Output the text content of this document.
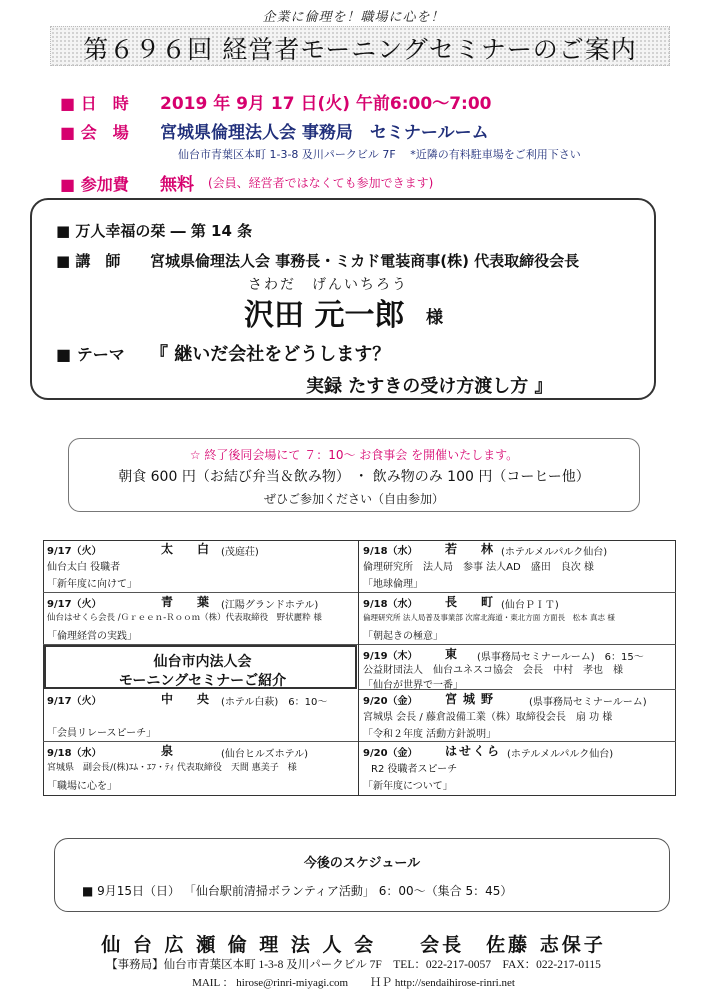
企業に倫理を！職場に心を！
第６９６回 経営者モーニングセミナーのご案内
■ 日　時 2019 年 9月 17 日(火) 午前6:00〜7:00
■ 会　場 宮城県倫理法人会 事務局　セミナールーム
仙台市青葉区本町 1-3-8 及川パークビル 7F　 *近隣の有料駐車場をご利用下さい
■ 参加費 無料 (会員、経営者ではなくても参加できます)
■ 万人幸福の栞 ― 第 14 条
■ 講　師 宮城県倫理法人会 事務長・ミカド電装商事(株) 代表取締役会長
さわだ　げんいちろう
沢田 元一郎 様
■ テーマ 『 継いだ会社をどうします？
実録 たすきの受け方渡し方 』
☆ 終了後同会場にて ７：10〜 お食事会 を開催いたします。
朝食 600 円（お結び弁当＆飲み物） ・ 飲み物のみ 100 円（コーヒー他）
ぜひご参加ください（自由参加）
9/17（火）	太　白 (茂庭荘)
仙台太白 役職者
「新年度に向けて」
9/17（火）	青　葉 (江陽グランドホテル)
仙台はせくら会長 /Ｇｒｅｅｎ-Ｒｏｏｍ（株）代表取締役　野状麗粋 様
「倫理経営の実践」
仙台市内法人会
モーニングセミナーご紹介
9/17（火）	中　央 (ホテル白萩)　6：10〜
「会員リレースピーチ」
9/18（水）	泉	(仙台ヒルズホテル)
宮城県　副会長/(株)ｴﾑ・ｴﾌ・ﾃｨ 代表取締役　天間 惠美子　様
「職場に心を」
9/18（水） 若　林 (ホテルメルパルク仙台)
倫理研究所　法人局　参事 法人AD　盛田　良次 様
「地球倫理」
9/18（水） 長　町 (仙台ＰＩＴ)
倫理研究所 法人局普及事業部 次席北海道・東北方面 方面長　松本 真志 様
「朝起きの極意」
9/19（木） 東 (県事務局セミナールーム)　6：15〜
公益財団法人　仙台ユネスコ協会　会長　中村　孝也　様
「仙台が世界で一番」
9/20（金） 宮城野	(県事務局セミナールーム)
宮城県 会長 / 藤倉設備工業（株）取締役会長　扇 功 様
「令和２年度 活動方針説明」
9/20（金） はせくら (ホテルメルパルク仙台)
R2 役職者スピーチ
「新年度について」
今後のスケジュール
■ 9月15日（日） 「仙台駅前清掃ボランティア活動」 6：00〜（集合 5：45）
仙 台 広 瀬 倫 理 法 人 会　　会長　佐藤 志保子
【事務局】仙台市青葉区本町 1-3-8 及川パークビル 7F　TEL：022-217-0057　FAX：022-217-0115
MAIL ： hirose@rinri-miyagi.com　　ＨＰ http://sendaihirose-rinri.net
